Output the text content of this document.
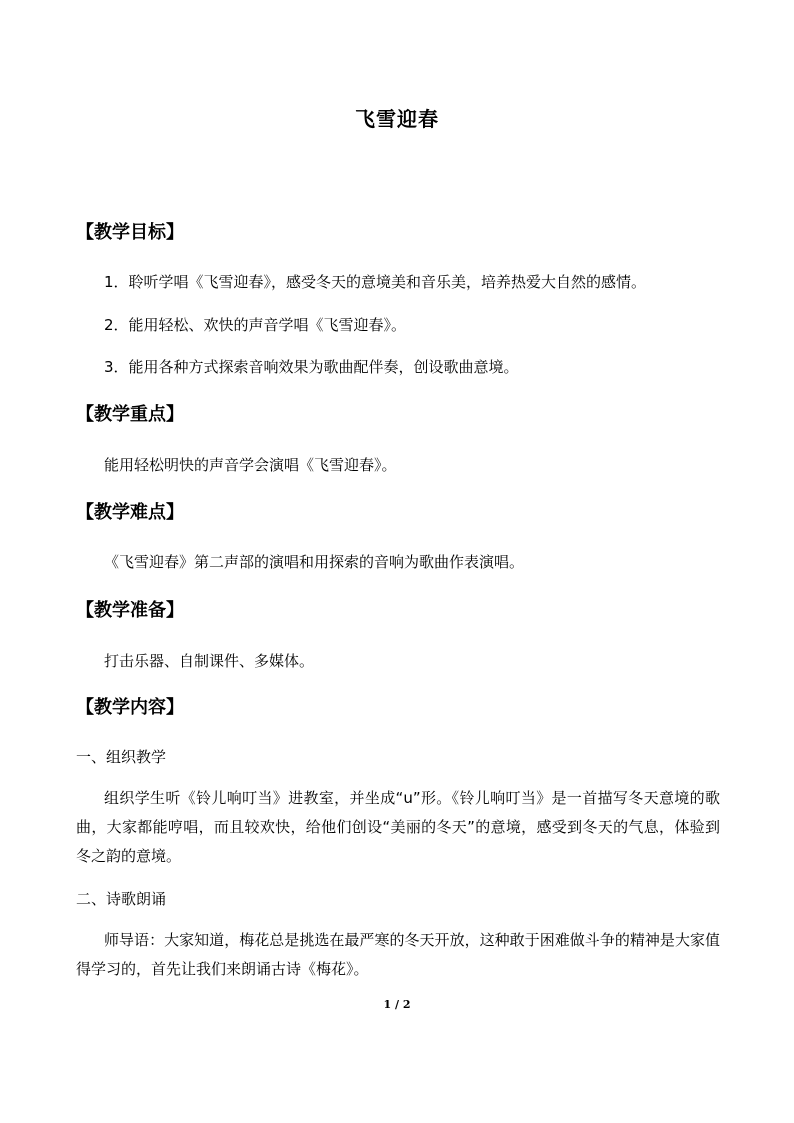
飞雪迎春
【教学目标】
1．聆听学唱《飞雪迎春》，感受冬天的意境美和音乐美，培养热爱大自然的感情。
2．能用轻松、欢快的声音学唱《飞雪迎春》。
3．能用各种方式探索音响效果为歌曲配伴奏，创设歌曲意境。
【教学重点】
能用轻松明快的声音学会演唱《飞雪迎春》。
【教学难点】
《飞雪迎春》第二声部的演唱和用探索的音响为歌曲作表演唱。
【教学准备】
打击乐器、自制课件、多媒体。
【教学内容】
一、组织教学
组织学生听《铃儿响叮当》进教室，并坐成“u”形。《铃儿响叮当》是一首描写冬天意境的歌曲，大家都能哼唱，而且较欢快，给他们创设“美丽的冬天”的意境，感受到冬天的气息，体验到冬之韵的意境。
二、诗歌朗诵
师导语：大家知道，梅花总是挑选在最严寒的冬天开放，这种敢于困难做斗争的精神是大家值得学习的，首先让我们来朗诵古诗《梅花》。
1 / 2
